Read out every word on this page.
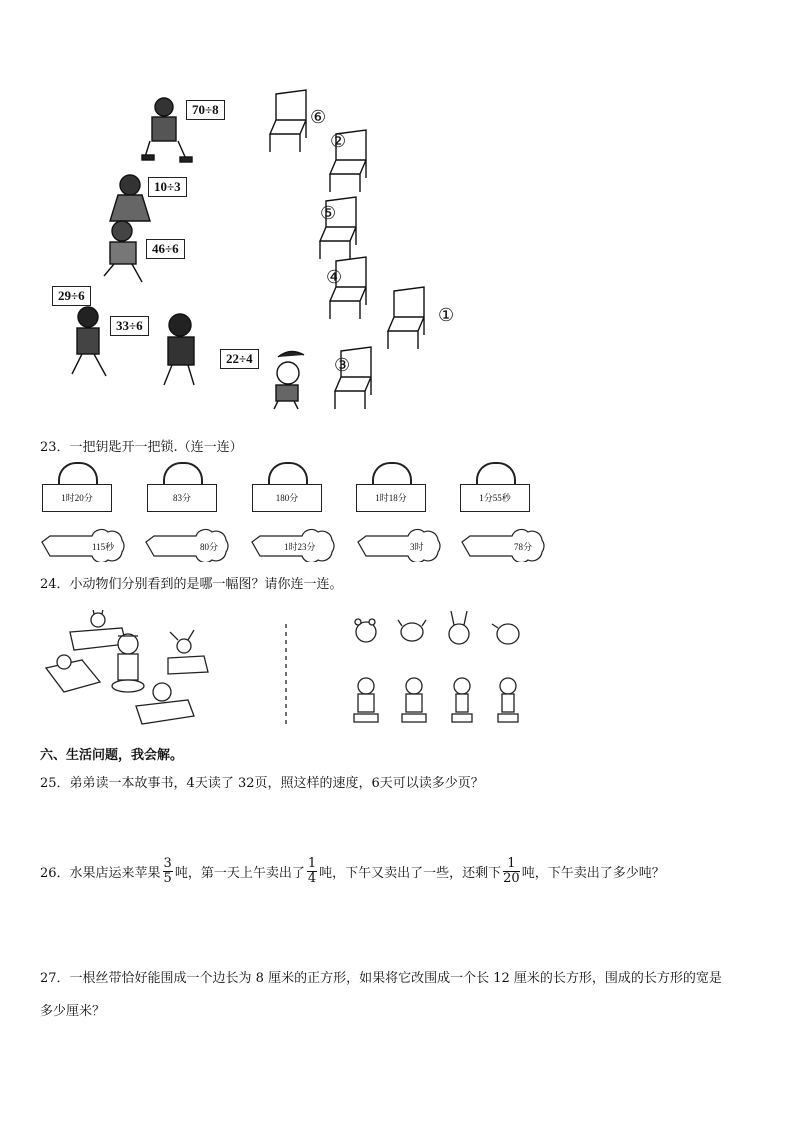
70÷8
10÷3
46÷6
29÷6
33÷6
22÷4
⑥
②
⑤
④
①
③
23．一把钥匙开一把锁.（连一连）
1时20分	83分	180分	1时18分	1分55秒
115秒	80分	1时23分	3时	78分
24．小动物们分别看到的是哪一幅图？请你连一连。
六、生活问题，我会解。
25．弟弟读一本故事书，4天读了 32页，照这样的速度，6天可以读多少页？
26．水果店运来苹果 $\frac{3}{5}$ 吨，第一天上午卖出了 $\frac{1}{4}$ 吨，下午又卖出了一些，还剩下 $\frac{1}{20}$ 吨，下午卖出了多少吨？
27．一根丝带恰好能围成一个边长为 8 厘米的正方形，如果将它改围成一个长 12 厘米的长方形，围成的长方形的宽是
多少厘米？
